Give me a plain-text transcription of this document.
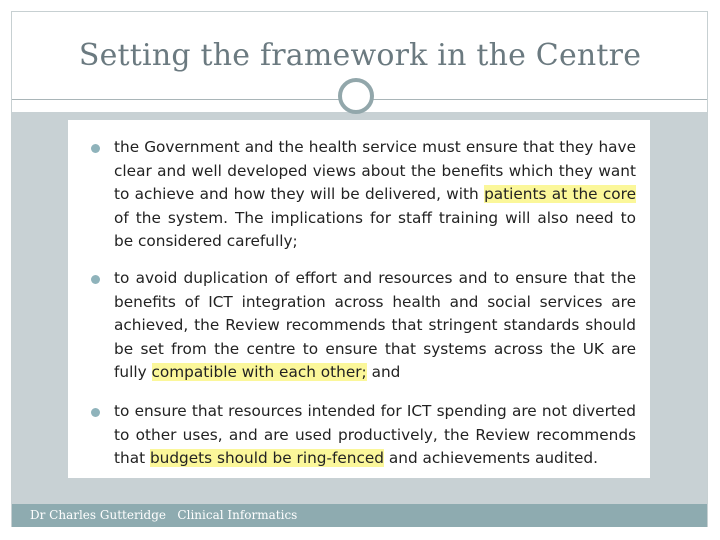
Setting the framework in the Centre
the Government and the health service must ensure that they have clear and well developed views about the benefits which they want to achieve and how they will be delivered, with patients at the core of the system. The implications for staff training will also need to be considered carefully;
to avoid duplication of effort and resources and to ensure that the benefits of ICT integration across health and social services are achieved, the Review recommends that stringent standards should be set from the centre to ensure that systems across the UK are fully compatible with each other; and
to ensure that resources intended for ICT spending are not diverted to other uses, and are used productively, the Review recommends that budgets should be ring-fenced and achievements audited.
Dr Charles Gutteridge   Clinical Informatics
